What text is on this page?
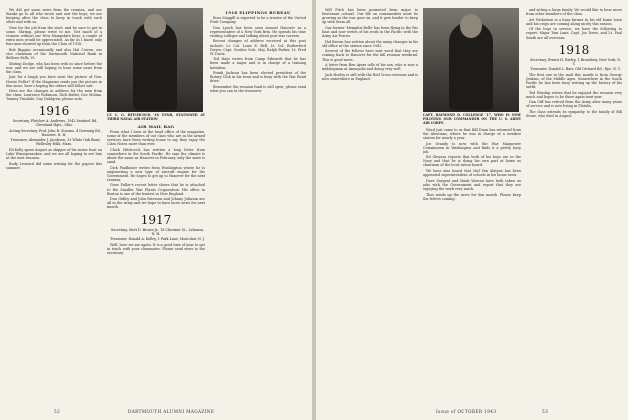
We did get some news from the reunion, and our thanks go to all who wrote and saw the boys; we are keeping after the class to keep in touch with each other and with us.

Now for the job from the start, and be sure to get in some. Shrimp, please write to me. Not much of a reunion without our New Hampshire boys; a couple of extra men would be appreciated. As far as I know, only four men showed up from the Class of 1916.

Bob Biggins occasionally and also Hal Cowen, our vice chairman of the Dartmouth National Bank in Bellows Falls, Vt.

Shrimp Dodge, who has been with us since before the war, and we are still hoping to hear some news from the class.

Just for a laugh you have seen the picture of Gen. Howie Fuller? If the Magazine sends you the picture in this issue, here's hoping the others will follow suit.

Here are the changes in address for the men from the class: Laurence Robinson, Dick Butler, Doc Molina, Tommy Tinsdale, Guy Dahlgren; please note.

1916

Secretary, Fletcher A. Andrews, 1942 Sentinel Rd., Cleveland Hgts., Ohio

Acting Secretary, Prof. John B. Stearns, 4 Downing Rd., Hanover, N. H.

Treasurer, Alexander J. Jacobson, 33 White Oak Road, Wellesley Hills, Mass.

Ed Kelly spent August as skipper of his motor boat on Lake Winnipesaukee, and we are all hoping to see him at the next reunion.

Rudy Leonard did some writing for the papers this summer.

LT. C. G. HITCHCOCK '16 USNR, STATIONED AT THIRD NAVAL AIR STATION
AIR MAIL BAG

From what I hear at the head office of the magazine, some of the members of our class who are in the armed services have been writing home to say they enjoy the Class Notes more than ever.

Chick Hitchcock has written a long letter from somewhere in the South Pacific. He says the climate is about the same as Hanover in February, only the snow is sand.

Dick Paulhmier writes from Washington where he is engineering a new type of aircraft engine for the Government. He hopes to get up to Hanover for the next reunion.

Gene Fuller's recent letter shows that he is attached to the Smaller War Plants Corporation. His office in Boston is one of the busiest in New England.

Don Gidley and John Paterson and Johnny Johnson are all in the Army and we hope to have more news for next month.

1917

Secretary, Mott D. Brown Jr., 18 Chestnut St., Lebanon, N. H.

Treasurer, Donald A. Kelley, 1 Park Lane, Montclair, N. J.

Well, here we are again. It is a good time of year to get in touch with your classmates. Please send news to the secretary.

1918 ELIPPINGS BUREAU

Ross Maggill is reported to be a trustee of the United Fruit Company.

Don Lynch has been seen around Hanover as a representative of a New York firm. He spends his time visiting colleges and talking about post-war careers.

Recent changes of address received at this post include: Lt. Col. Louis E. Bell, Lt. Col. Rutherford Dwyer, Capt. Gordon Cole, Maj. Ralph Parker, Lt. Fred W. Davis.

Ted Hays writes from Camp Edwards that he has been made a major and is in charge of a training battalion.

Frank Jackson has been elected president of the Rotary Club in his town and is busy with the War Bond drive.

Remember the reunion fund is still open; please send what you can to the treasurer.

52	DARTMOUTH ALUMNI MAGAZINE

Will Fitch has been promoted from major to lieutenant colonel. Our file on commanders must be growing as the war goes on, and it gets harder to keep up with them all.

Our former 'Memphis Belle' has been flying in the Far East and now writes of his work in the Pacific with the Army Air Forces.

Hal Brown has written about the many changes in his old office at the station since 1942.

Several of the fellows have sent word that they are coming back to Hanover for the fall reunion weekend. This is good news.

A letter from Ben Ayers tells of his son, who is now a midshipman at Annapolis and doing very well.

Jack Hurley is still with the Red Cross overseas and is now somewhere in England.

CAPT. RAYMOND D. COLLEDGE '17, WHO IS NOW PILOTING OUR COMMANDER ON THE U. S. ARMY AIR CORPS

Word just came to us that Bill Dunn has returned from the Aleutians, where he was in charge of a weather station for nearly a year.

Joe Grandy is now with the War Manpower Commission in Washington and finds it a pretty busy job.

Ed Gleason reports that both of his boys are in the Navy and that he is doing his own part at home as chairman of the local ration board.

We have also heard that Mal Van Alstyne has been appointed superintendent of schools in his home town.

Dave Sargent and Hank Warren have both taken on jobs with the Government and report that they are enjoying the work very much.

That winds up the news for this month. Please keep the letters coming.

and sitting a large family. We would like to hear more from other members of the class.

Art Nickerson is a busy farmer in his old home town and his crops are coming along nicely this season.

Of the boys in service, we have the following to report: Major Tom Lane, Capt. Joe Davis, and Lt. Paul Smith are all overseas.

1918

Secretary, Ernest H. Earley, 1 Broadway, New York, N. Y.

Treasurer, Donald L. Barr, Old Orchard Rd., Rye, N. Y.

The first one in the mail this month is from George Jenkins, of the Middle Ages. Somewhere in the South Pacific he has been busy writing up the history of his outfit.

Ted Winship writes that he enjoyed the reunion very much and hopes to be there again next year.

Dan Giff has retired from the Army after many years of service and is now living in Florida.

The class extends its sympathy to the family of Bill Stone, who died in August.

Issue of OCTOBER 1943	53
